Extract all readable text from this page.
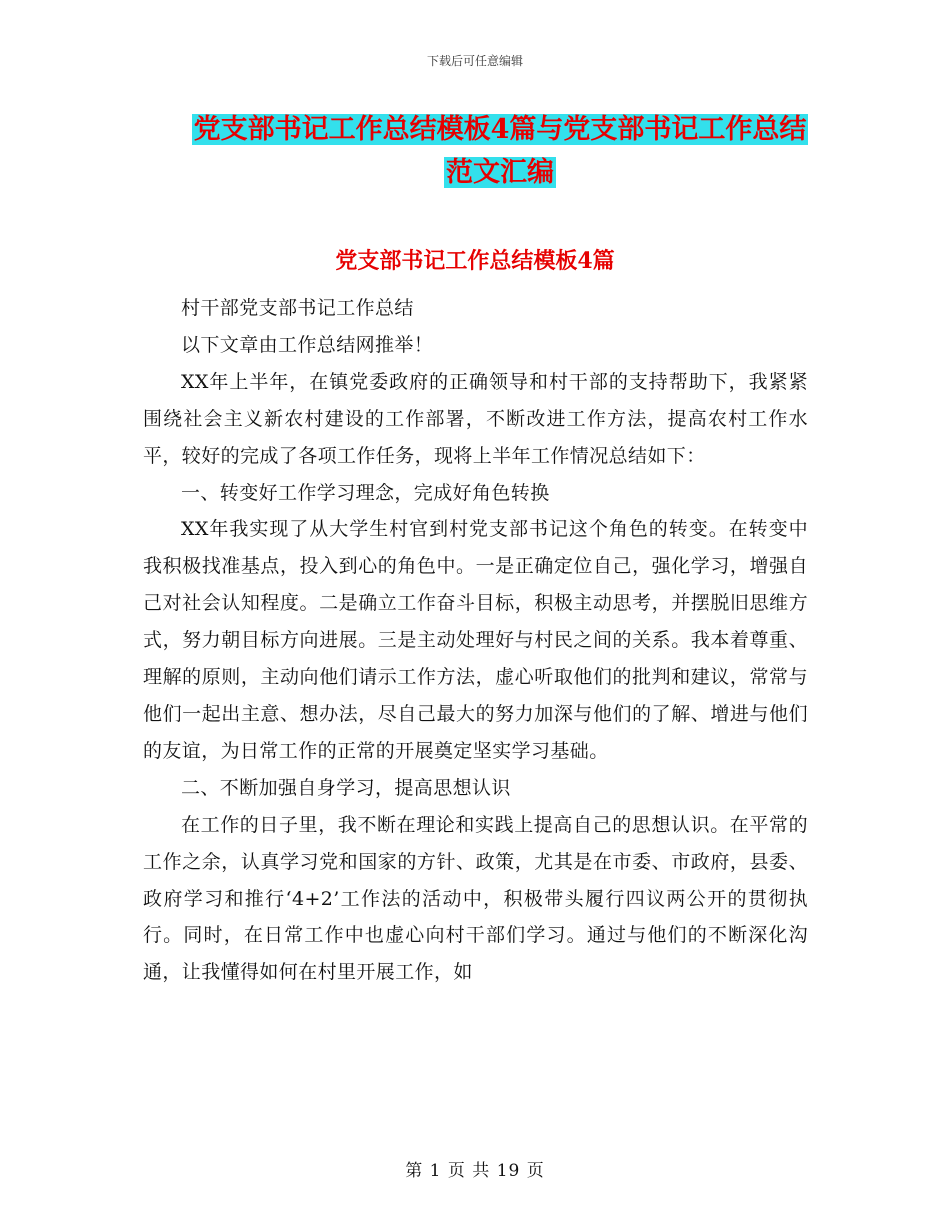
下载后可任意编辑
党支部书记工作总结模板4篇与党支部书记工作总结
范文汇编
党支部书记工作总结模板4篇

村干部党支部书记工作总结

以下文章由工作总结网推举！

XX年上半年，在镇党委政府的正确领导和村干部的支持帮助下，我紧紧围绕社会主义新农村建设的工作部署，不断改进工作方法，提高农村工作水平，较好的完成了各项工作任务，现将上半年工作情况总结如下：

一、转变好工作学习理念，完成好角色转换

XX年我实现了从大学生村官到村党支部书记这个角色的转变。在转变中我积极找准基点，投入到心的角色中。一是正确定位自己，强化学习，增强自己对社会认知程度。二是确立工作奋斗目标，积极主动思考，并摆脱旧思维方式，努力朝目标方向进展。三是主动处理好与村民之间的关系。我本着尊重、理解的原则，主动向他们请示工作方法，虚心听取他们的批判和建议，常常与他们一起出主意、想办法，尽自己最大的努力加深与他们的了解、增进与他们的友谊，为日常工作的正常的开展奠定坚实学习基础。

二、不断加强自身学习，提高思想认识

在工作的日子里，我不断在理论和实践上提高自己的思想认识。在平常的工作之余，认真学习党和国家的方针、政策，尤其是在市委、市政府，县委、政府学习和推行‘4+2’工作法的活动中，积极带头履行四议两公开的贯彻执行。同时，在日常工作中也虚心向村干部们学习。通过与他们的不断深化沟通，让我懂得如何在村里开展工作，如

第 1 页 共 19 页
